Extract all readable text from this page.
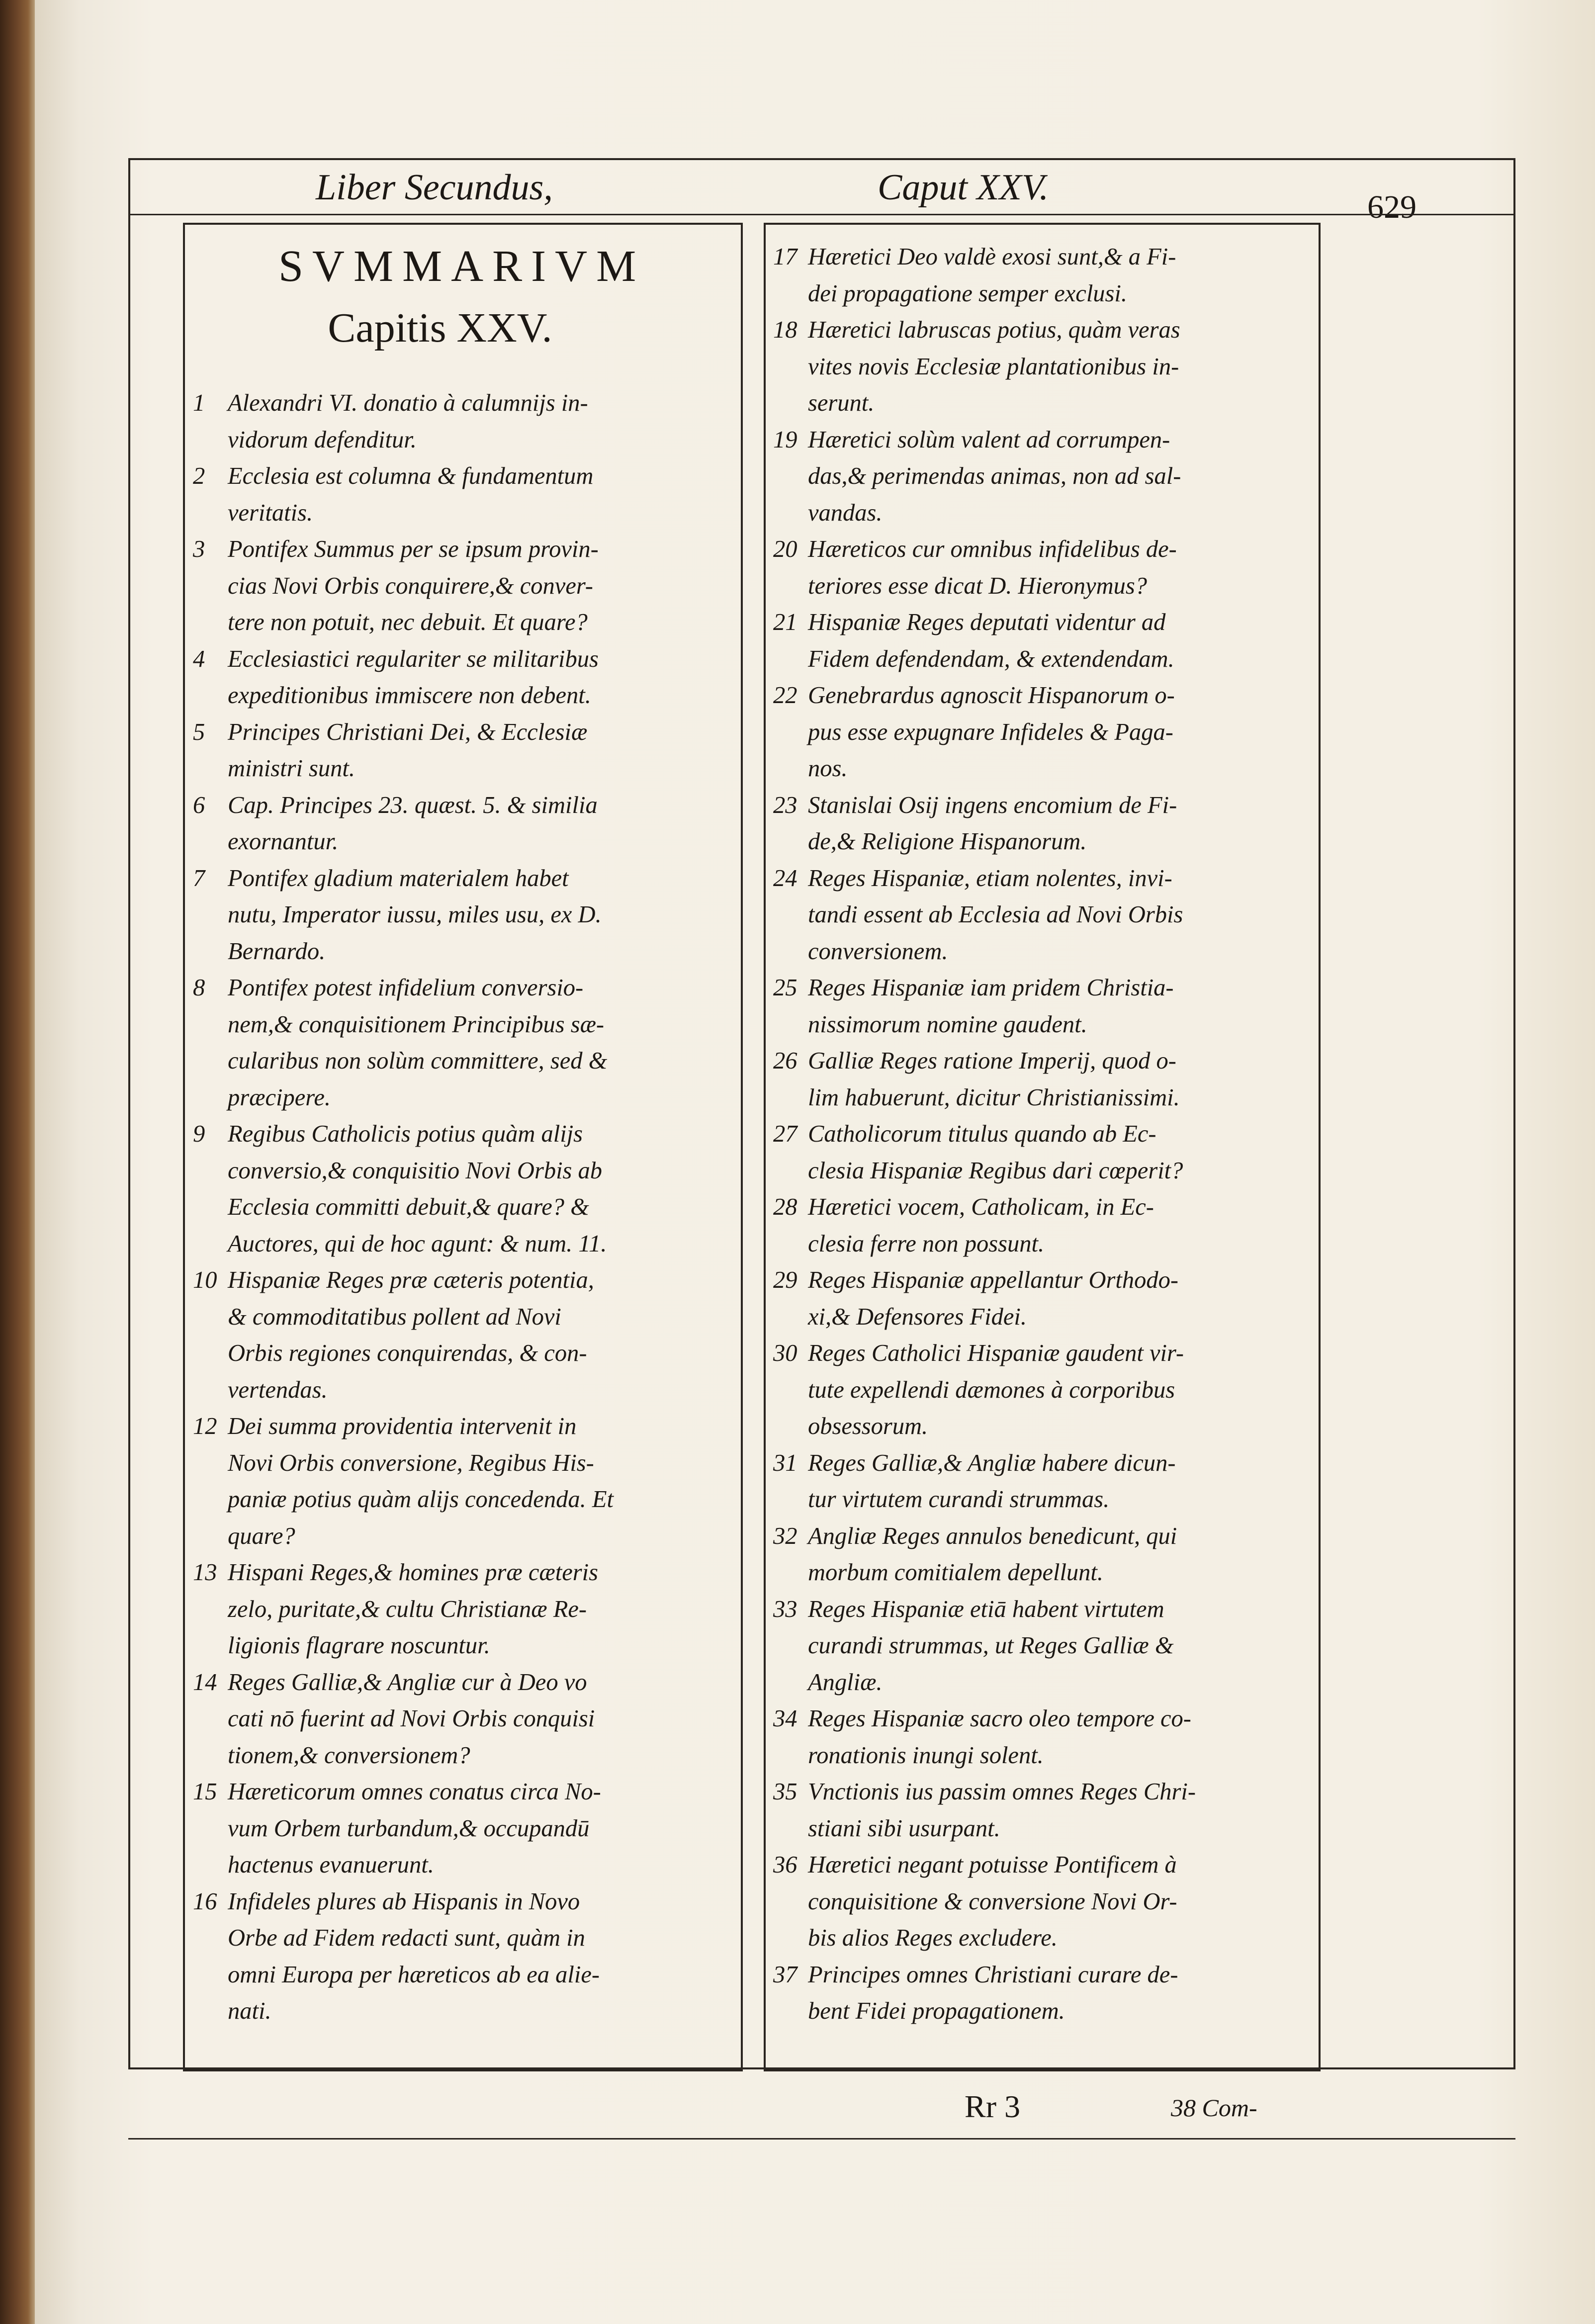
Liber Secundus,	Caput XXV.	629
SVMMARIVM
Capitis XXV.
1 Alexandri VI. donatio à calumnijs in-
vidorum defenditur.
2 Ecclesia est columna & fundamentum
veritatis.
3 Pontifex Summus per se ipsum provin-
cias Novi Orbis conquirere,& conver-
tere non potuit, nec debuit. Et quare?
4 Ecclesiastici regulariter se militaribus
expeditionibus immiscere non debent.
5 Principes Christiani Dei, & Ecclesiæ
ministri sunt.
6 Cap. Principes 23. quæst. 5. & similia
exornantur.
7 Pontifex gladium materialem habet
nutu, Imperator iussu, miles usu, ex D.
Bernardo.
8 Pontifex potest infidelium conversio-
nem,& conquisitionem Principibus sæ-
cularibus non solùm committere, sed &
præcipere.
9 Regibus Catholicis potius quàm alijs
conversio,& conquisitio Novi Orbis ab
Ecclesia committi debuit,& quare? &
Auctores, qui de hoc agunt: & num. 11.
10 Hispaniæ Reges præ cæteris potentia,
& commoditatibus pollent ad Novi
Orbis regiones conquirendas, & con-
vertendas.
12 Dei summa providentia intervenit in
Novi Orbis conversione, Regibus His-
paniæ potius quàm alijs concedenda. Et
quare?
13 Hispani Reges,& homines præ cæteris
zelo, puritate,& cultu Christianæ Re-
ligionis flagrare noscuntur.
14 Reges Galliæ,& Angliæ cur à Deo vo
cati nō fuerint ad Novi Orbis conquisi
tionem,& conversionem?
15 Hæreticorum omnes conatus circa No-
vum Orbem turbandum,& occupandū
hactenus evanuerunt.
16 Infideles plures ab Hispanis in Novo
Orbe ad Fidem redacti sunt, quàm in
omni Europa per hæreticos ab ea alie-
nati.
17 Hæretici Deo valdè exosi sunt,& a Fi-
dei propagatione semper exclusi.
18 Hæretici labruscas potius, quàm veras
vites novis Ecclesiæ plantationibus in-
serunt.
19 Hæretici solùm valent ad corrumpen-
das,& perimendas animas, non ad sal-
vandas.
20 Hæreticos cur omnibus infidelibus de-
teriores esse dicat D. Hieronymus?
21 Hispaniæ Reges deputati videntur ad
Fidem defendendam, & extendendam.
22 Genebrardus agnoscit Hispanorum o-
pus esse expugnare Infideles & Paga-
nos.
23 Stanislai Osij ingens encomium de Fi-
de,& Religione Hispanorum.
24 Reges Hispaniæ, etiam nolentes, invi-
tandi essent ab Ecclesia ad Novi Orbis
conversionem.
25 Reges Hispaniæ iam pridem Christia-
nissimorum nomine gaudent.
26 Galliæ Reges ratione Imperij, quod o-
lim habuerunt, dicitur Christianissimi.
27 Catholicorum titulus quando ab Ec-
clesia Hispaniæ Regibus dari cœperit?
28 Hæretici vocem, Catholicam, in Ec-
clesia ferre non possunt.
29 Reges Hispaniæ appellantur Orthodo-
xi,& Defensores Fidei.
30 Reges Catholici Hispaniæ gaudent vir-
tute expellendi dæmones à corporibus
obsessorum.
31 Reges Galliæ,& Angliæ habere dicun-
tur virtutem curandi strummas.
32 Angliæ Reges annulos benedicunt, qui
morbum comitialem depellunt.
33 Reges Hispaniæ etiā habent virtutem
curandi strummas, ut Reges Galliæ &
Angliæ.
34 Reges Hispaniæ sacro oleo tempore co-
ronationis inungi solent.
35 Vnctionis ius passim omnes Reges Chri-
stiani sibi usurpant.
36 Hæretici negant potuisse Pontificem à
conquisitione & conversione Novi Or-
bis alios Reges excludere.
37 Principes omnes Christiani curare de-
bent Fidei propagationem.
Rr 3	38 Com-
